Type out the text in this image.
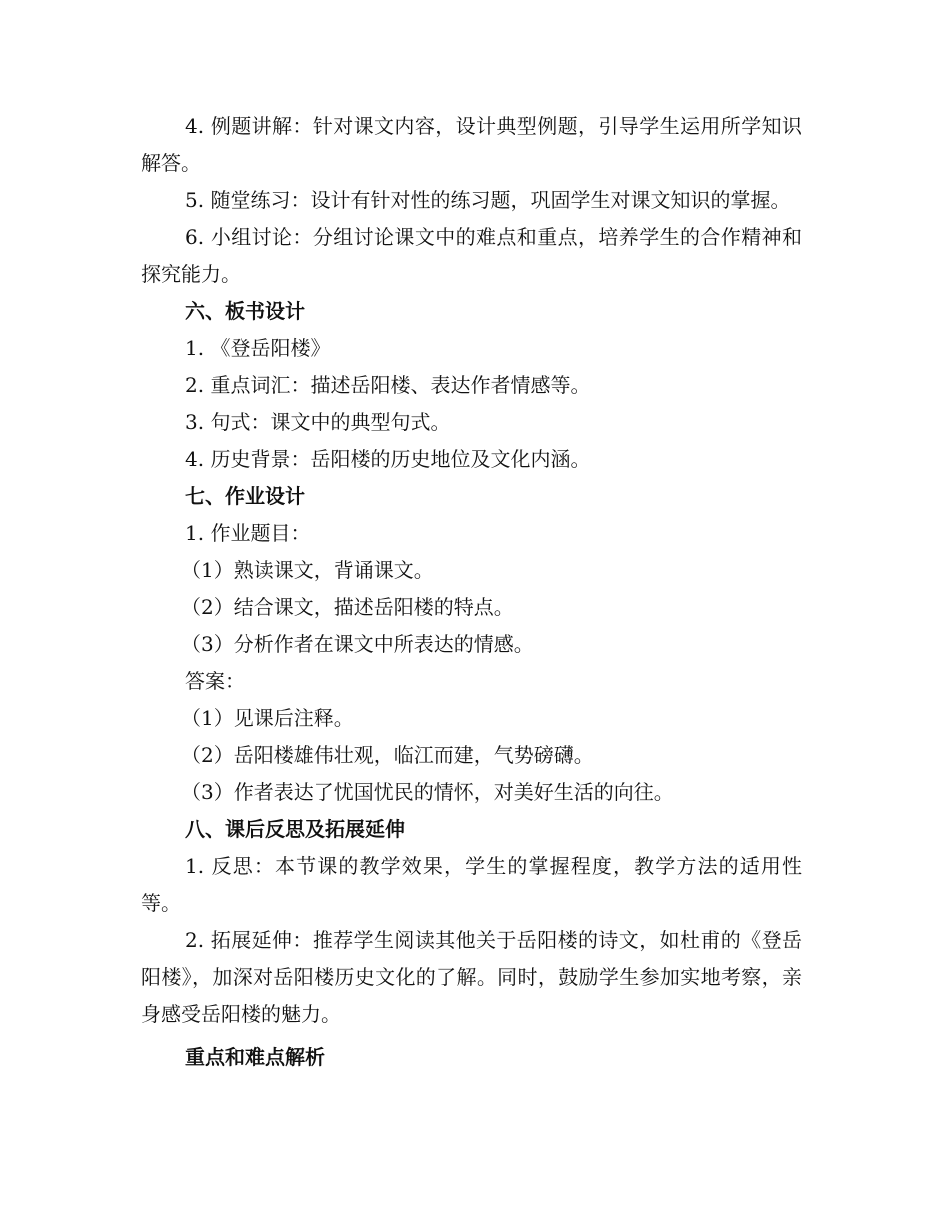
4. 例题讲解：针对课文内容，设计典型例题，引导学生运用所学知识解答。

5. 随堂练习：设计有针对性的练习题，巩固学生对课文知识的掌握。

6. 小组讨论：分组讨论课文中的难点和重点，培养学生的合作精神和探究能力。

六、板书设计
1. 《登岳阳楼》
2. 重点词汇：描述岳阳楼、表达作者情感等。
3. 句式：课文中的典型句式。
4. 历史背景：岳阳楼的历史地位及文化内涵。
七、作业设计
1. 作业题目：
（1）熟读课文，背诵课文。
（2）结合课文，描述岳阳楼的特点。
（3）分析作者在课文中所表达的情感。
答案：
（1）见课后注释。
（2）岳阳楼雄伟壮观，临江而建，气势磅礴。
（3）作者表达了忧国忧民的情怀，对美好生活的向往。
八、课后反思及拓展延伸

1. 反思：本节课的教学效果，学生的掌握程度，教学方法的适用性等。

2. 拓展延伸：推荐学生阅读其他关于岳阳楼的诗文，如杜甫的《登岳阳楼》，加深对岳阳楼历史文化的了解。同时，鼓励学生参加实地考察，亲身感受岳阳楼的魅力。

重点和难点解析
